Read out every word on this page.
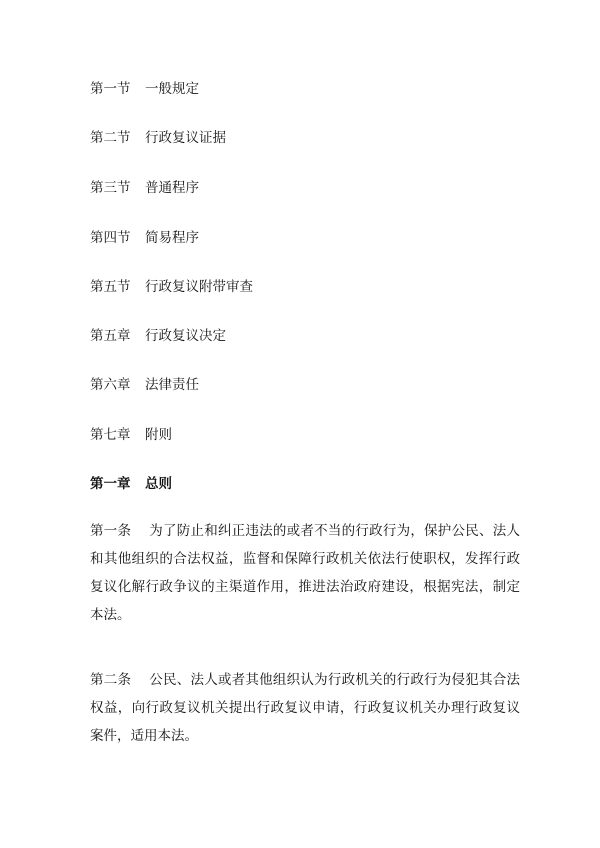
第一节 一般规定
第二节 行政复议证据
第三节 普通程序
第四节 简易程序
第五节 行政复议附带审查
第五章 行政复议决定
第六章 法律责任
第七章 附则
第一章 总则
第一条 为了防止和纠正违法的或者不当的行政行为，保护公民、法人和其他组织的合法权益，监督和保障行政机关依法行使职权，发挥行政复议化解行政争议的主渠道作用，推进法治政府建设，根据宪法，制定本法。
第二条 公民、法人或者其他组织认为行政机关的行政行为侵犯其合法权益，向行政复议机关提出行政复议申请，行政复议机关办理行政复议案件，适用本法。
